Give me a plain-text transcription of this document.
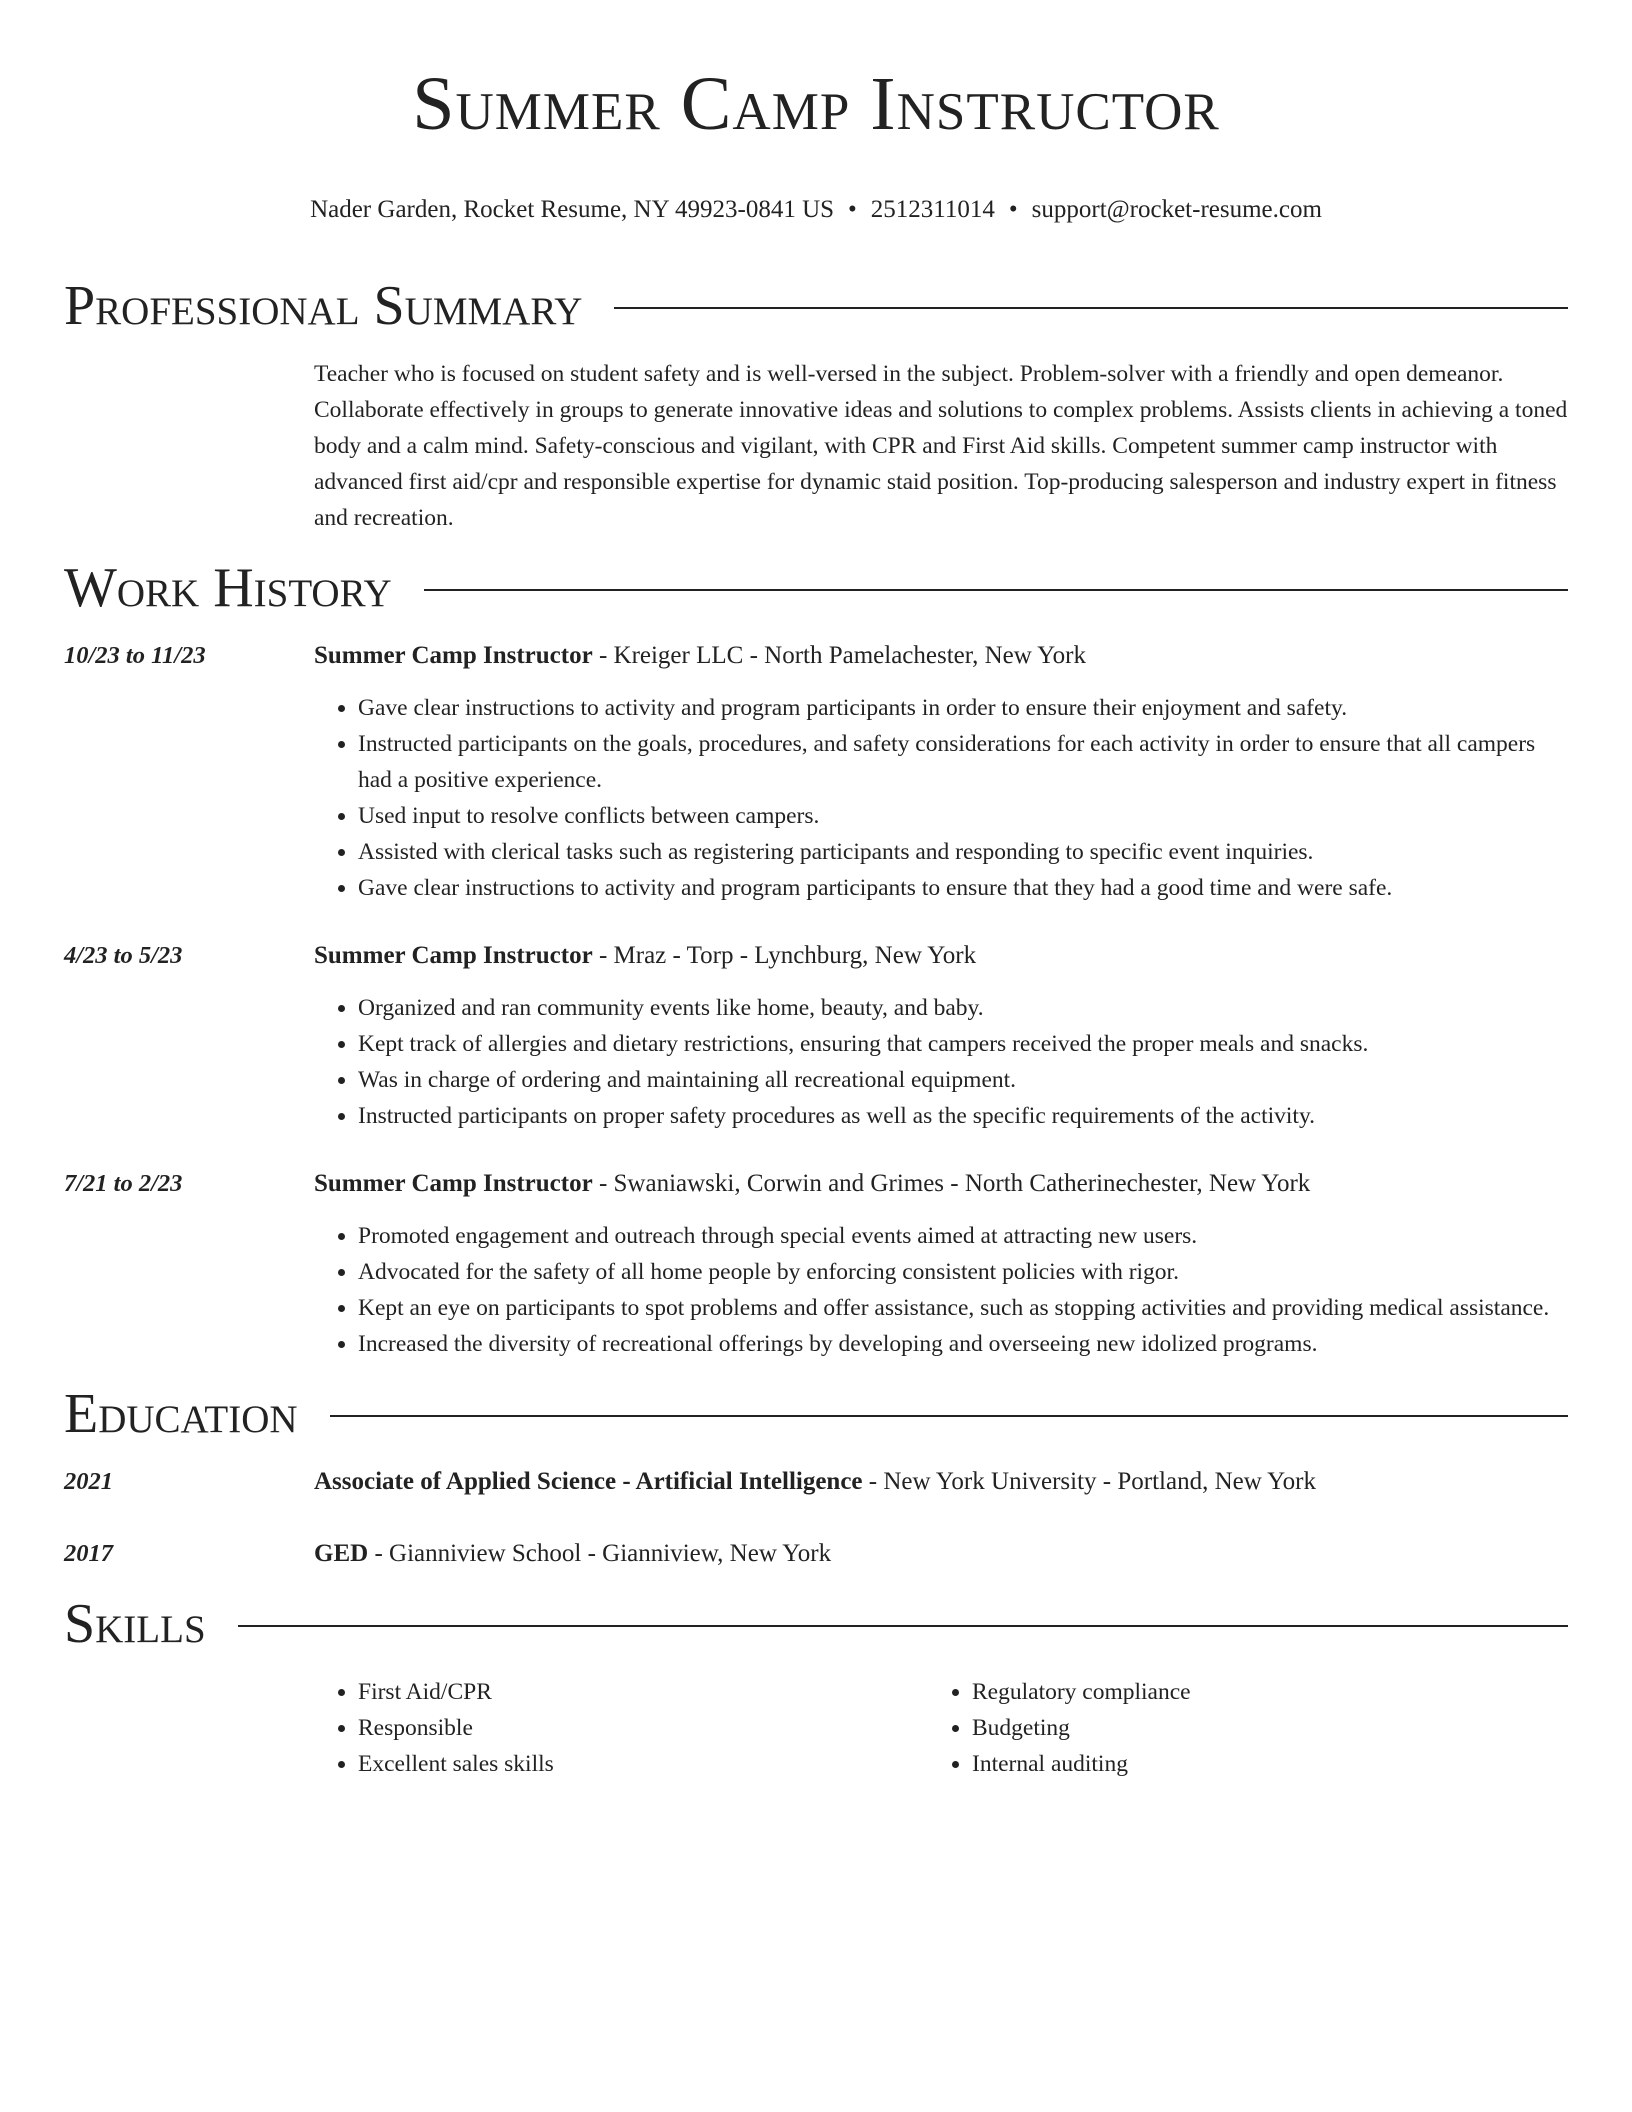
Summer Camp Instructor
Nader Garden, Rocket Resume, NY 49923-0841 US • 2512311014 • support@rocket-resume.com
Professional Summary
Teacher who is focused on student safety and is well-versed in the subject. Problem-solver with a friendly and open demeanor. Collaborate effectively in groups to generate innovative ideas and solutions to complex problems. Assists clients in achieving a toned body and a calm mind. Safety-conscious and vigilant, with CPR and First Aid skills. Competent summer camp instructor with advanced first aid/cpr and responsible expertise for dynamic staid position. Top-producing salesperson and industry expert in fitness and recreation.
Work History
10/23 to 11/23	Summer Camp Instructor - Kreiger LLC - North Pamelachester, New York
• Gave clear instructions to activity and program participants in order to ensure their enjoyment and safety.
• Instructed participants on the goals, procedures, and safety considerations for each activity in order to ensure that all campers had a positive experience.
• Used input to resolve conflicts between campers.
• Assisted with clerical tasks such as registering participants and responding to specific event inquiries.
• Gave clear instructions to activity and program participants to ensure that they had a good time and were safe.
4/23 to 5/23	Summer Camp Instructor - Mraz - Torp - Lynchburg, New York
• Organized and ran community events like home, beauty, and baby.
• Kept track of allergies and dietary restrictions, ensuring that campers received the proper meals and snacks.
• Was in charge of ordering and maintaining all recreational equipment.
• Instructed participants on proper safety procedures as well as the specific requirements of the activity.
7/21 to 2/23	Summer Camp Instructor - Swaniawski, Corwin and Grimes - North Catherinechester, New York
• Promoted engagement and outreach through special events aimed at attracting new users.
• Advocated for the safety of all home people by enforcing consistent policies with rigor.
• Kept an eye on participants to spot problems and offer assistance, such as stopping activities and providing medical assistance.
• Increased the diversity of recreational offerings by developing and overseeing new idolized programs.
Education
2021	Associate of Applied Science - Artificial Intelligence - New York University - Portland, New York
2017	GED - Gianniview School - Gianniview, New York
Skills
• First Aid/CPR
• Responsible
• Excellent sales skills
• Regulatory compliance
• Budgeting
• Internal auditing
